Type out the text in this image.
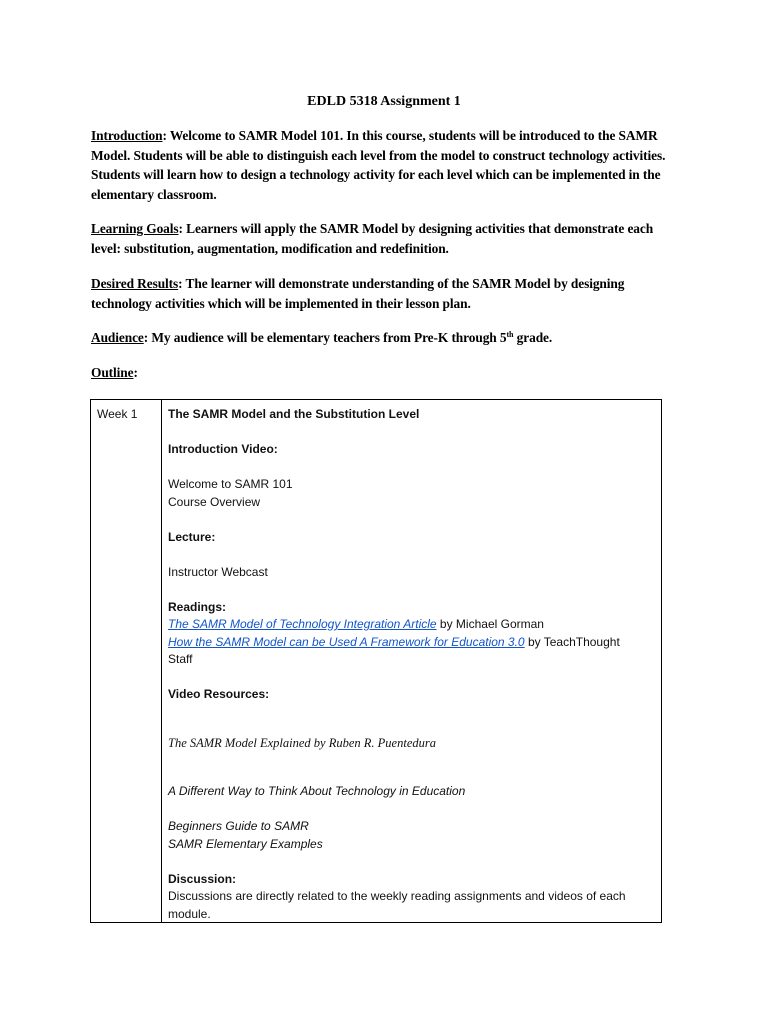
EDLD 5318 Assignment 1
Introduction: Welcome to SAMR Model 101. In this course, students will be introduced to the SAMR Model. Students will be able to distinguish each level from the model to construct technology activities. Students will learn how to design a technology activity for each level which can be implemented in the elementary classroom.
Learning Goals: Learners will apply the SAMR Model by designing activities that demonstrate each level: substitution, augmentation, modification and redefinition.
Desired Results: The learner will demonstrate understanding of the SAMR Model by designing technology activities which will be implemented in their lesson plan.
Audience: My audience will be elementary teachers from Pre-K through 5th grade.
Outline:
Week 1	The SAMR Model and the Substitution Level

Introduction Video:

Welcome to SAMR 101

Course Overview

Lecture:

Instructor Webcast

Readings:

The SAMR Model of Technology Integration Article by Michael Gorman

How the SAMR Model can be Used A Framework for Education 3.0 by TeachThought

Staff

Video Resources:

The SAMR Model Explained by Ruben R. Puentedura

A Different Way to Think About Technology in Education

Beginners Guide to SAMR

SAMR Elementary Examples

Discussion:

Discussions are directly related to the weekly reading assignments and videos of each

module.
